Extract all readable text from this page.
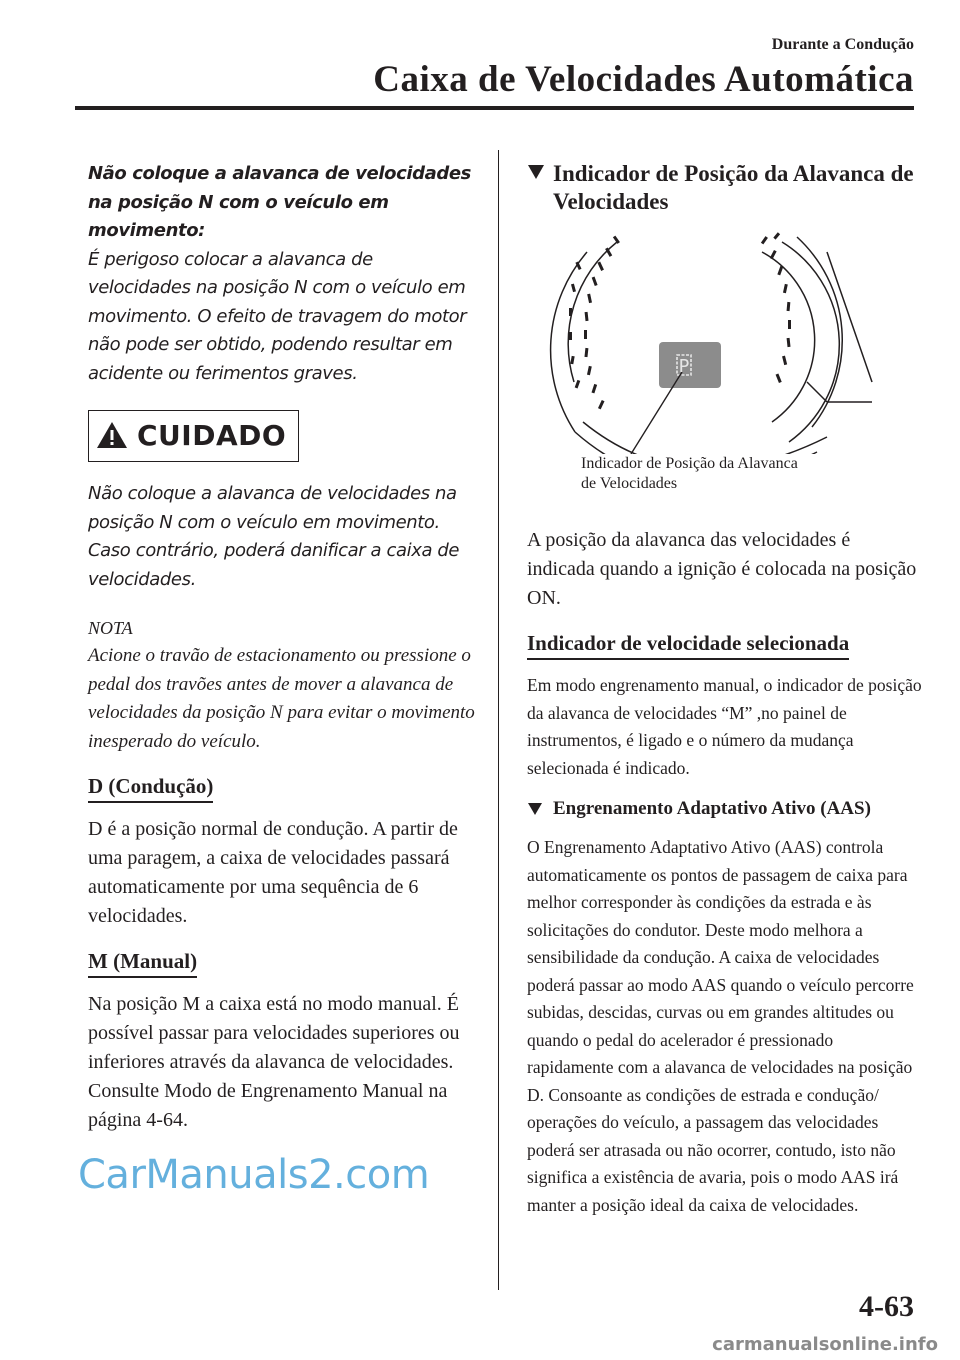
Durante a Condução
Caixa de Velocidades Automática

Não coloque a alavanca de velocidades na posição N com o veículo em movimento:

É perigoso colocar a alavanca de velocidades na posição N com o veículo em movimento. O efeito de travagem do motor não pode ser obtido, podendo resultar em acidente ou ferimentos graves.

CUIDADO

Não coloque a alavanca de velocidades na posição N com o veículo em movimento. Caso contrário, poderá danificar a caixa de velocidades.

NOTA

Acione o travão de estacionamento ou pressione o pedal dos travões antes de mover a alavanca de velocidades da posição N para evitar o movimento inesperado do veículo.

D (Condução)

D é a posição normal de condução. A partir de uma paragem, a caixa de velocidades passará automaticamente por uma sequência de 6 velocidades.

M (Manual)

Na posição M a caixa está no modo manual. É possível passar para velocidades superiores ou inferiores através da alavanca de velocidades. Consulte Modo de Engrenamento Manual na página 4-64.

Indicador de Posição da Alavanca de Velocidades
P
Indicador de Posição da Alavanca
de Velocidades

A posição da alavanca das velocidades é indicada quando a ignição é colocada na posição ON.

Indicador de velocidade selecionada

Em modo engrenamento manual, o indicador de posição da alavanca de velocidades “M” ,no painel de instrumentos, é ligado e o número da mudança selecionada é indicado.

Engrenamento Adaptativo Ativo (AAS)

O Engrenamento Adaptativo Ativo (AAS) controla automaticamente os pontos de passagem de caixa para melhor corresponder às condições da estrada e às solicitações do condutor. Deste modo melhora a sensibilidade da condução. A caixa de velocidades poderá passar ao modo AAS quando o veículo percorre subidas, descidas, curvas ou em grandes altitudes ou quando o pedal do acelerador é pressionado rapidamente com a alavanca de velocidades na posição D. Consoante as condições de estrada e condução/ operações do veículo, a passagem das velocidades poderá ser atrasada ou não ocorrer, contudo, isto não significa a existência de avaria, pois o modo AAS irá manter a posição ideal da caixa de velocidades.

CarManuals2.com
4-63
carmanualsonline.info
